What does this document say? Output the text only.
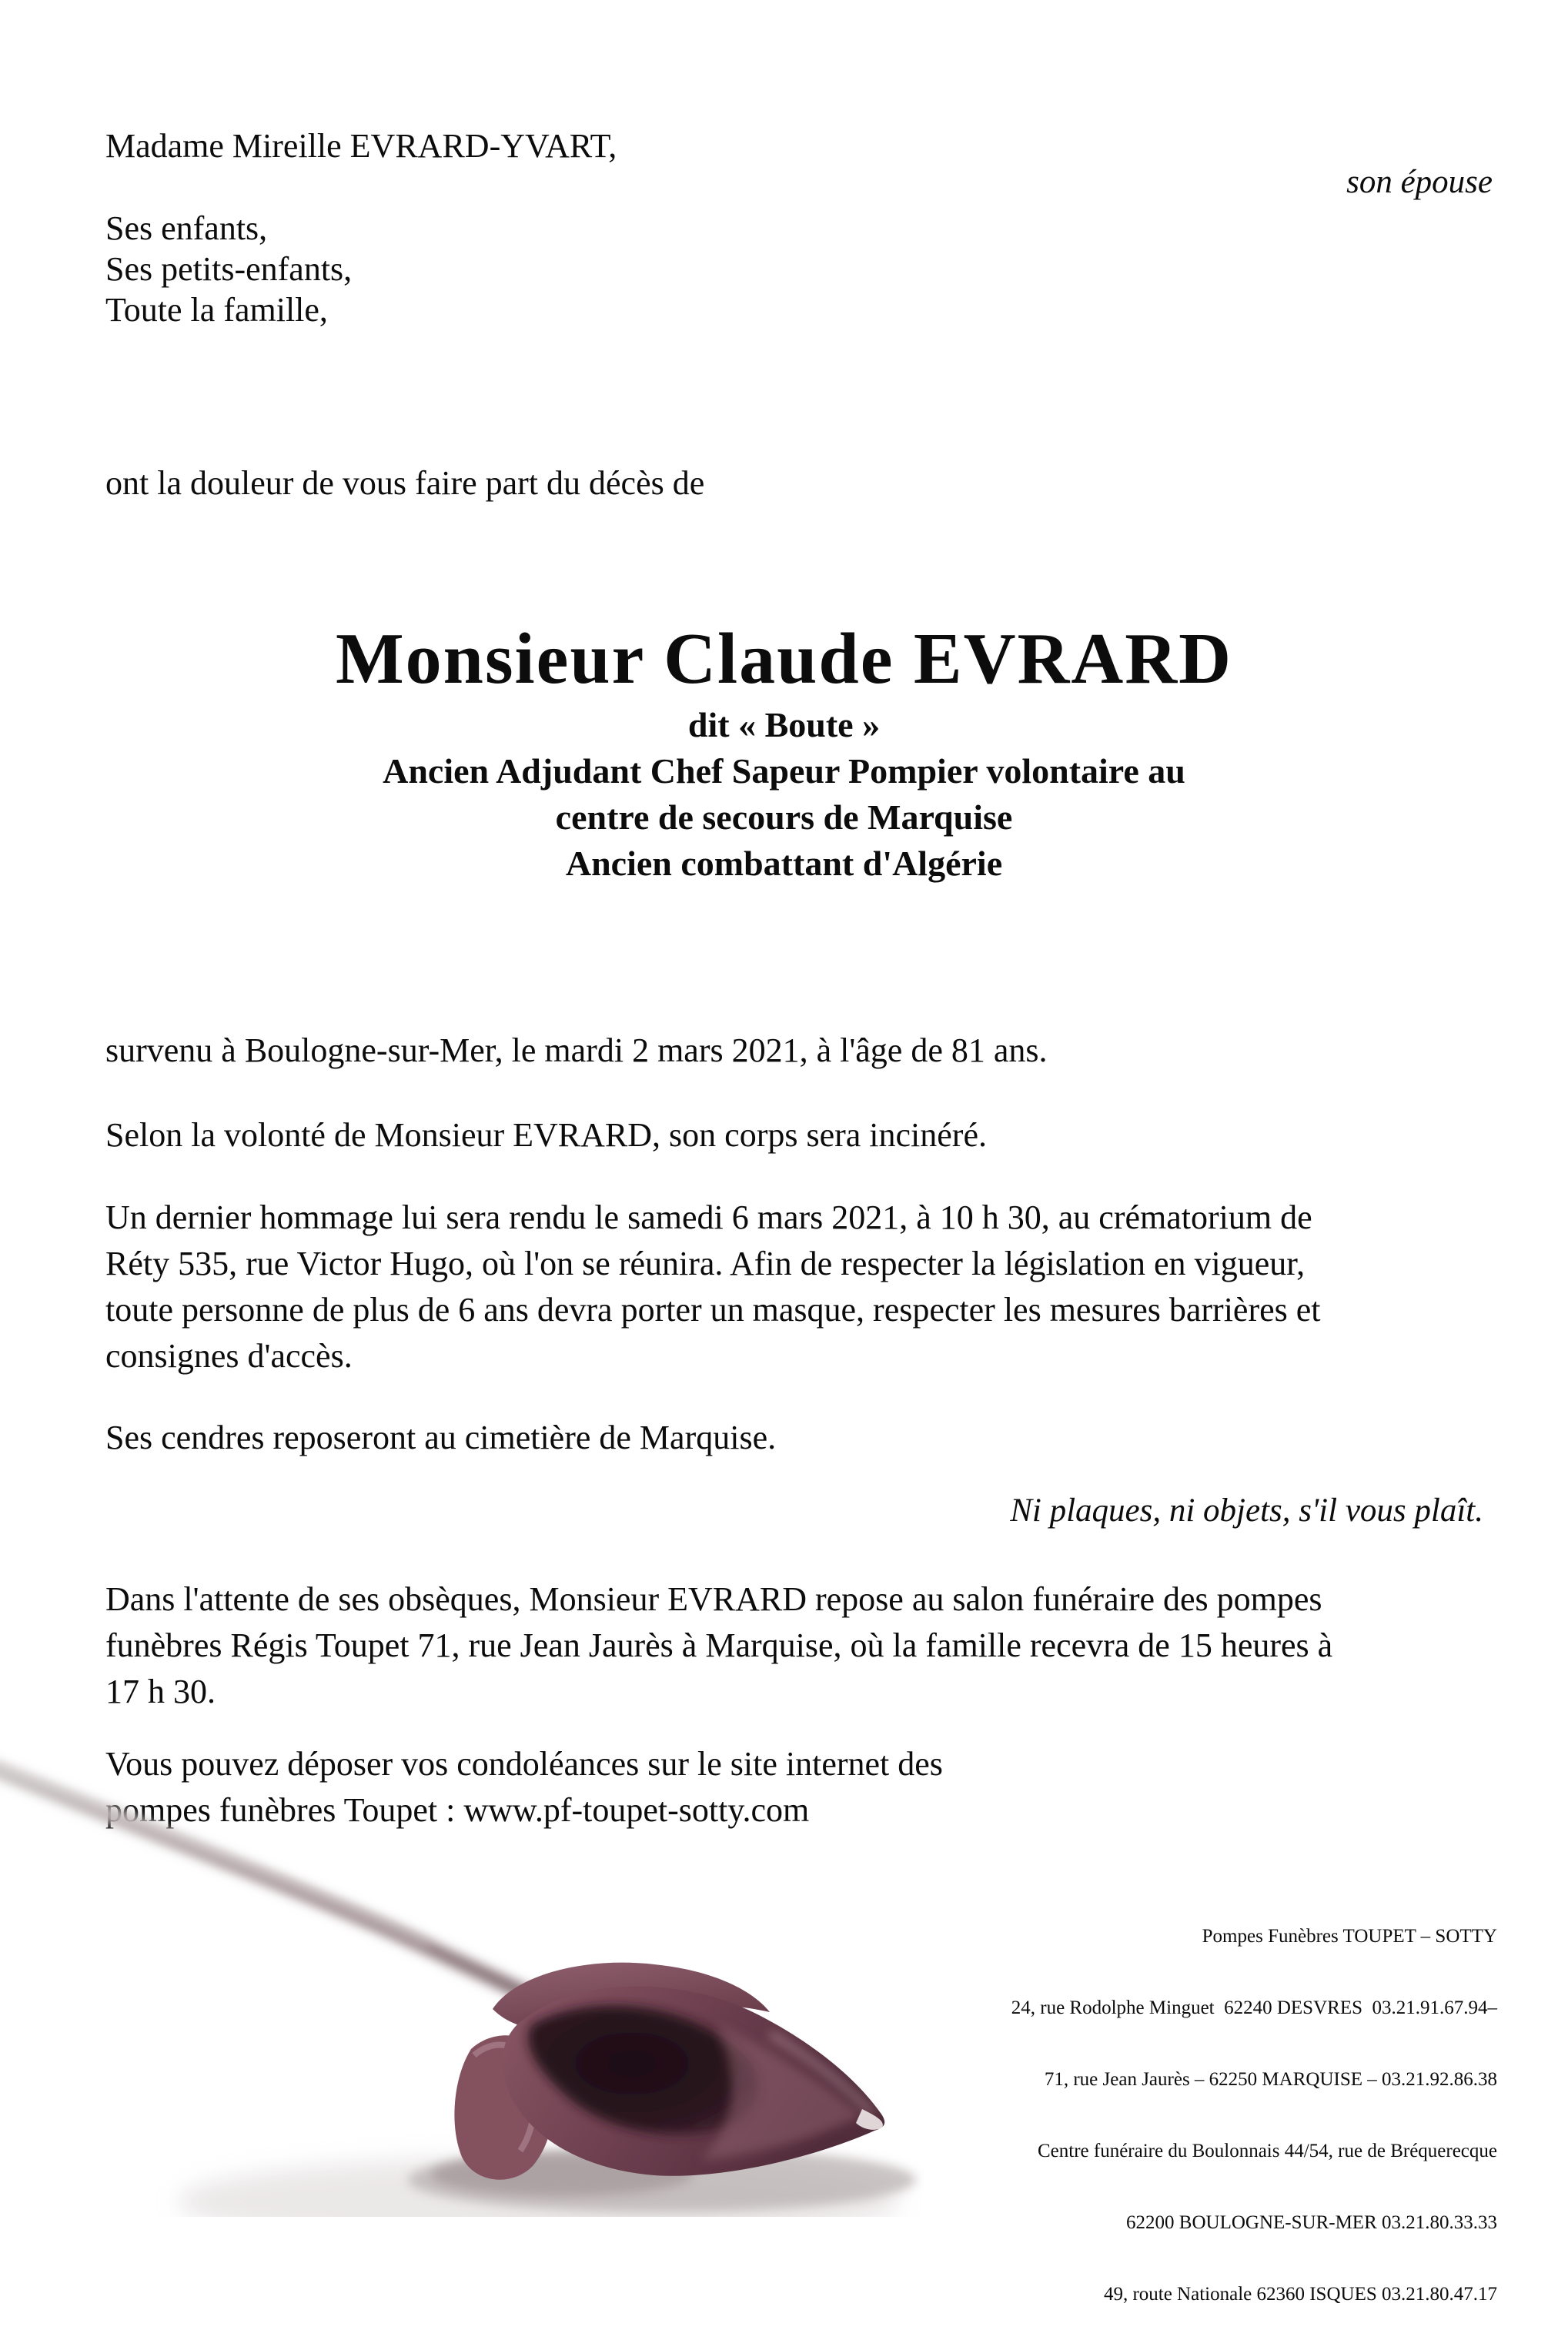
Madame Mireille EVRARD-YVART,
son épouse
Ses enfants,
Ses petits-enfants,
Toute la famille,
ont la douleur de vous faire part du décès de
Monsieur Claude EVRARD
dit « Boute »
Ancien Adjudant Chef Sapeur Pompier volontaire au
centre de secours de Marquise
Ancien combattant d'Algérie
survenu à Boulogne-sur-Mer, le mardi 2 mars 2021, à l'âge de 81 ans.
Selon la volonté de Monsieur EVRARD, son corps sera incinéré.
Un dernier hommage lui sera rendu le samedi 6 mars 2021, à 10 h 30, au crématorium de
Réty 535, rue Victor Hugo, où l'on se réunira. Afin de respecter la législation en vigueur,
toute personne de plus de 6 ans devra porter un masque, respecter les mesures barrières et
consignes d'accès.
Ses cendres reposeront au cimetière de Marquise.
Ni plaques, ni objets, s'il vous plaît.
Dans l'attente de ses obsèques, Monsieur EVRARD repose au salon funéraire des pompes
funèbres Régis Toupet 71, rue Jean Jaurès à Marquise, où la famille recevra de 15 heures à
17 h 30.
Vous pouvez déposer vos condoléances sur le site internet des
pompes funèbres Toupet : www.pf-toupet-sotty.com

Pompes Funèbres TOUPET – SOTTY

24, rue Rodolphe Minguet  62240 DESVRES  03.21.91.67.94–

71, rue Jean Jaurès – 62250 MARQUISE – 03.21.92.86.38

Centre funéraire du Boulonnais 44/54, rue de Bréquerecque

62200 BOULOGNE-SUR-MER 03.21.80.33.33

49, route Nationale 62360 ISQUES 03.21.80.47.17
